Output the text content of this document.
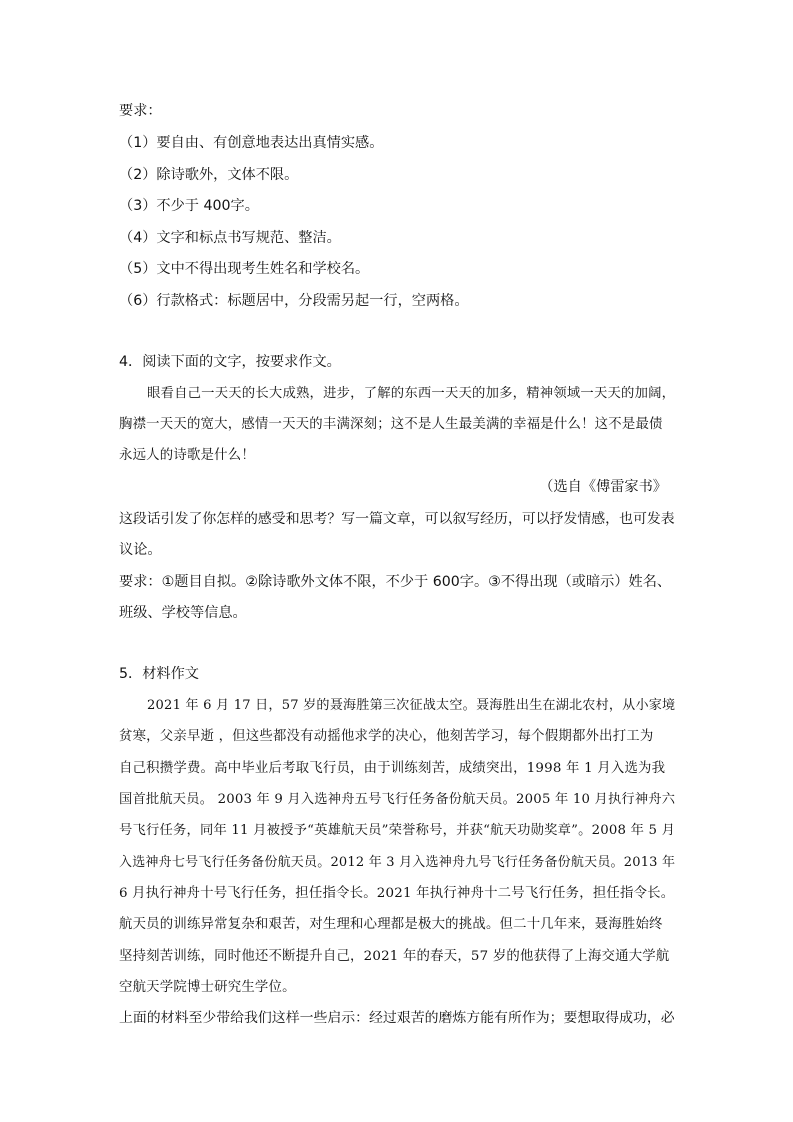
要求：
（1）要自由、有创意地表达出真情实感。
（2）除诗歌外，文体不限。
（3）不少于 400字。
（4）文字和标点书写规范、整洁。
（5）文中不得出现考生姓名和学校名。
（6）行款格式：标题居中，分段需另起一行，空两格。
4．阅读下面的文字，按要求作文。
眼看自己一天天的长大成熟，进步，了解的东西一天天的加多，精神领域一天天的加阔，
胸襟一天天的宽大，感情一天天的丰满深刻；这不是人生最美满的幸福是什么！这不是最债
永远人的诗歌是什么！
（选自《傅雷家书》
这段话引发了你怎样的感受和思考？写一篇文章，可以叙写经历，可以抒发情感，也可发表
议论。
要求：①题目自拟。②除诗歌外文体不限，不少于 600字。③不得出现（或暗示）姓名、
班级、学校等信息。
5．材料作文
2021 年 6 月 17 日，57 岁的聂海胜第三次征战太空。聂海胜出生在湖北农村，从小家境
贫寒，父亲早逝 ，但这些都没有动摇他求学的决心，他刻苦学习，每个假期都外出打工为
自己积攒学费。高中毕业后考取飞行员，由于训练刻苦，成绩突出，1998 年 1 月入选为我
国首批航天员。 2003 年 9 月入选神舟五号飞行任务备份航天员。2005 年 10 月执行神舟六
号飞行任务，同年 11 月被授予“英雄航天员”荣誉称号，并获“航天功勋奖章”。2008 年 5 月
入选神舟七号飞行任务备份航天员。2012 年 3 月入选神舟九号飞行任务备份航天员。2013 年
6 月执行神舟十号飞行任务，担任指令长。2021 年执行神舟十二号飞行任务，担任指令长。
航天员的训练异常复杂和艰苦，对生理和心理都是极大的挑战。但二十几年来，聂海胜始终
坚持刻苦训练，同时他还不断提升自己，2021 年的春天，57 岁的他获得了上海交通大学航
空航天学院博士研究生学位。
上面的材料至少带给我们这样一些启示：经过艰苦的磨炼方能有所作为；要想取得成功，必
